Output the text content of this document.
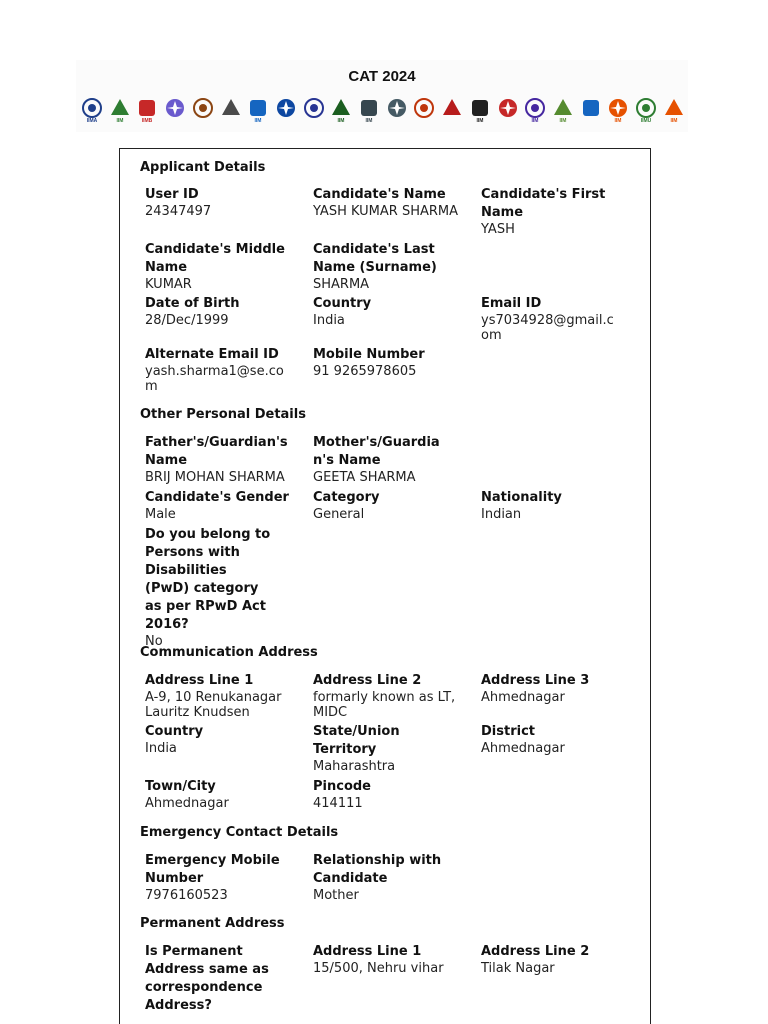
CAT 2024
IIMA	IIM	IIMB	IIM	IIM	IIM	IIM	IIM	IIM	IIM	IIMU	IIM
Applicant Details
User ID
24347497
Candidate's Name
YASH KUMAR SHARMA
Candidate's First Name
YASH
Candidate's Middle Name
KUMAR
Candidate's Last Name (Surname)
SHARMA
Date of Birth
28/Dec/1999
Country
India
Email ID
ys7034928@gmail.com
Alternate Email ID
yash.sharma1@se.com
Mobile Number
91 9265978605
Other Personal Details
Father's/Guardian's Name
BRIJ MOHAN SHARMA
Mother's/Guardian's Name
GEETA SHARMA
Candidate's Gender
Male
Category
General
Nationality
Indian
Do you belong to Persons with Disabilities (PwD) category as per RPwD Act 2016?
No
Communication Address
Address Line 1
A-9, 10 Renukanagar Lauritz Knudsen
Address Line 2
formarly known as LT, MIDC
Address Line 3
Ahmednagar
Country
India
State/Union Territory
Maharashtra
District
Ahmednagar
Town/City
Ahmednagar
Pincode
414111
Emergency Contact Details
Emergency Mobile Number
7976160523
Relationship with Candidate
Mother
Permanent Address
Is Permanent Address same as correspondence Address?
Address Line 1
15/500, Nehru vihar
Address Line 2
Tilak Nagar
